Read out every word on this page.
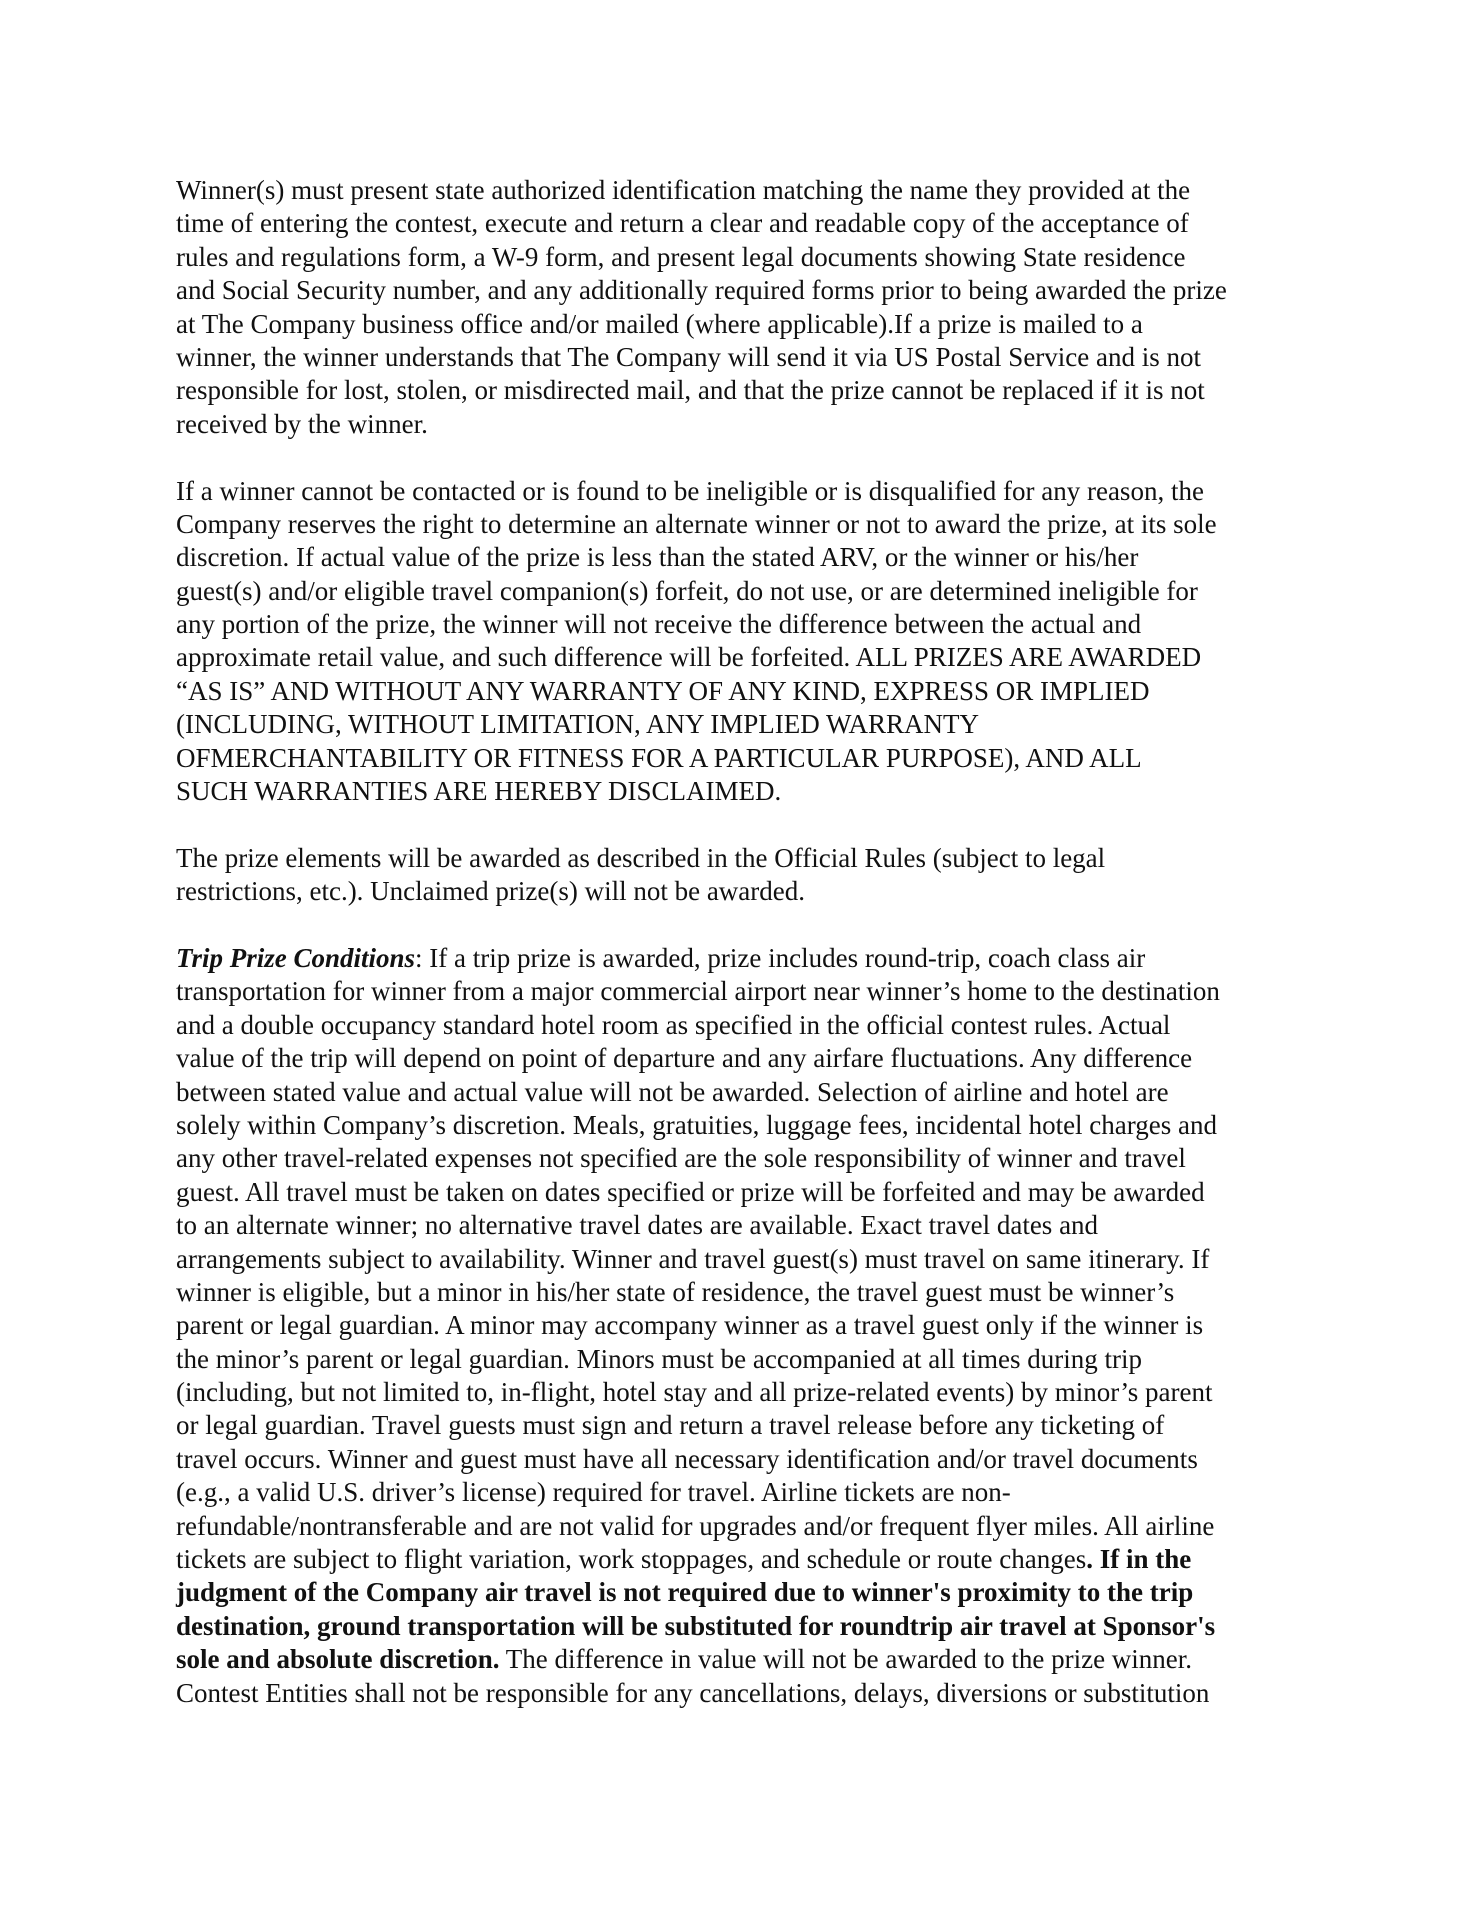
Winner(s) must present state authorized identification matching the name they provided at the
time of entering the contest, execute and return a clear and readable copy of the acceptance of
rules and regulations form, a W-9 form, and present legal documents showing State residence
and Social Security number, and any additionally required forms prior to being awarded the prize
at The Company business office and/or mailed (where applicable).If a prize is mailed to a
winner, the winner understands that The Company will send it via US Postal Service and is not
responsible for lost, stolen, or misdirected mail, and that the prize cannot be replaced if it is not
received by the winner.
If a winner cannot be contacted or is found to be ineligible or is disqualified for any reason, the
Company reserves the right to determine an alternate winner or not to award the prize, at its sole
discretion. If actual value of the prize is less than the stated ARV, or the winner or his/her
guest(s) and/or eligible travel companion(s) forfeit, do not use, or are determined ineligible for
any portion of the prize, the winner will not receive the difference between the actual and
approximate retail value, and such difference will be forfeited. ALL PRIZES ARE AWARDED
“AS IS” AND WITHOUT ANY WARRANTY OF ANY KIND, EXPRESS OR IMPLIED
(INCLUDING, WITHOUT LIMITATION, ANY IMPLIED WARRANTY
OFMERCHANTABILITY OR FITNESS FOR A PARTICULAR PURPOSE), AND ALL
SUCH WARRANTIES ARE HEREBY DISCLAIMED.
The prize elements will be awarded as described in the Official Rules (subject to legal
restrictions, etc.). Unclaimed prize(s) will not be awarded.
Trip Prize Conditions: If a trip prize is awarded, prize includes round-trip, coach class air
transportation for winner from a major commercial airport near winner’s home to the destination
and a double occupancy standard hotel room as specified in the official contest rules. Actual
value of the trip will depend on point of departure and any airfare fluctuations. Any difference
between stated value and actual value will not be awarded. Selection of airline and hotel are
solely within Company’s discretion. Meals, gratuities, luggage fees, incidental hotel charges and
any other travel-related expenses not specified are the sole responsibility of winner and travel
guest. All travel must be taken on dates specified or prize will be forfeited and may be awarded
to an alternate winner; no alternative travel dates are available. Exact travel dates and
arrangements subject to availability. Winner and travel guest(s) must travel on same itinerary. If
winner is eligible, but a minor in his/her state of residence, the travel guest must be winner’s
parent or legal guardian. A minor may accompany winner as a travel guest only if the winner is
the minor’s parent or legal guardian. Minors must be accompanied at all times during trip
(including, but not limited to, in-flight, hotel stay and all prize-related events) by minor’s parent
or legal guardian. Travel guests must sign and return a travel release before any ticketing of
travel occurs. Winner and guest must have all necessary identification and/or travel documents
(e.g., a valid U.S. driver’s license) required for travel. Airline tickets are non-
refundable/nontransferable and are not valid for upgrades and/or frequent flyer miles. All airline
tickets are subject to flight variation, work stoppages, and schedule or route changes. If in the
judgment of the Company air travel is not required due to winner's proximity to the trip
destination, ground transportation will be substituted for roundtrip air travel at Sponsor's
sole and absolute discretion. The difference in value will not be awarded to the prize winner.
Contest Entities shall not be responsible for any cancellations, delays, diversions or substitution
